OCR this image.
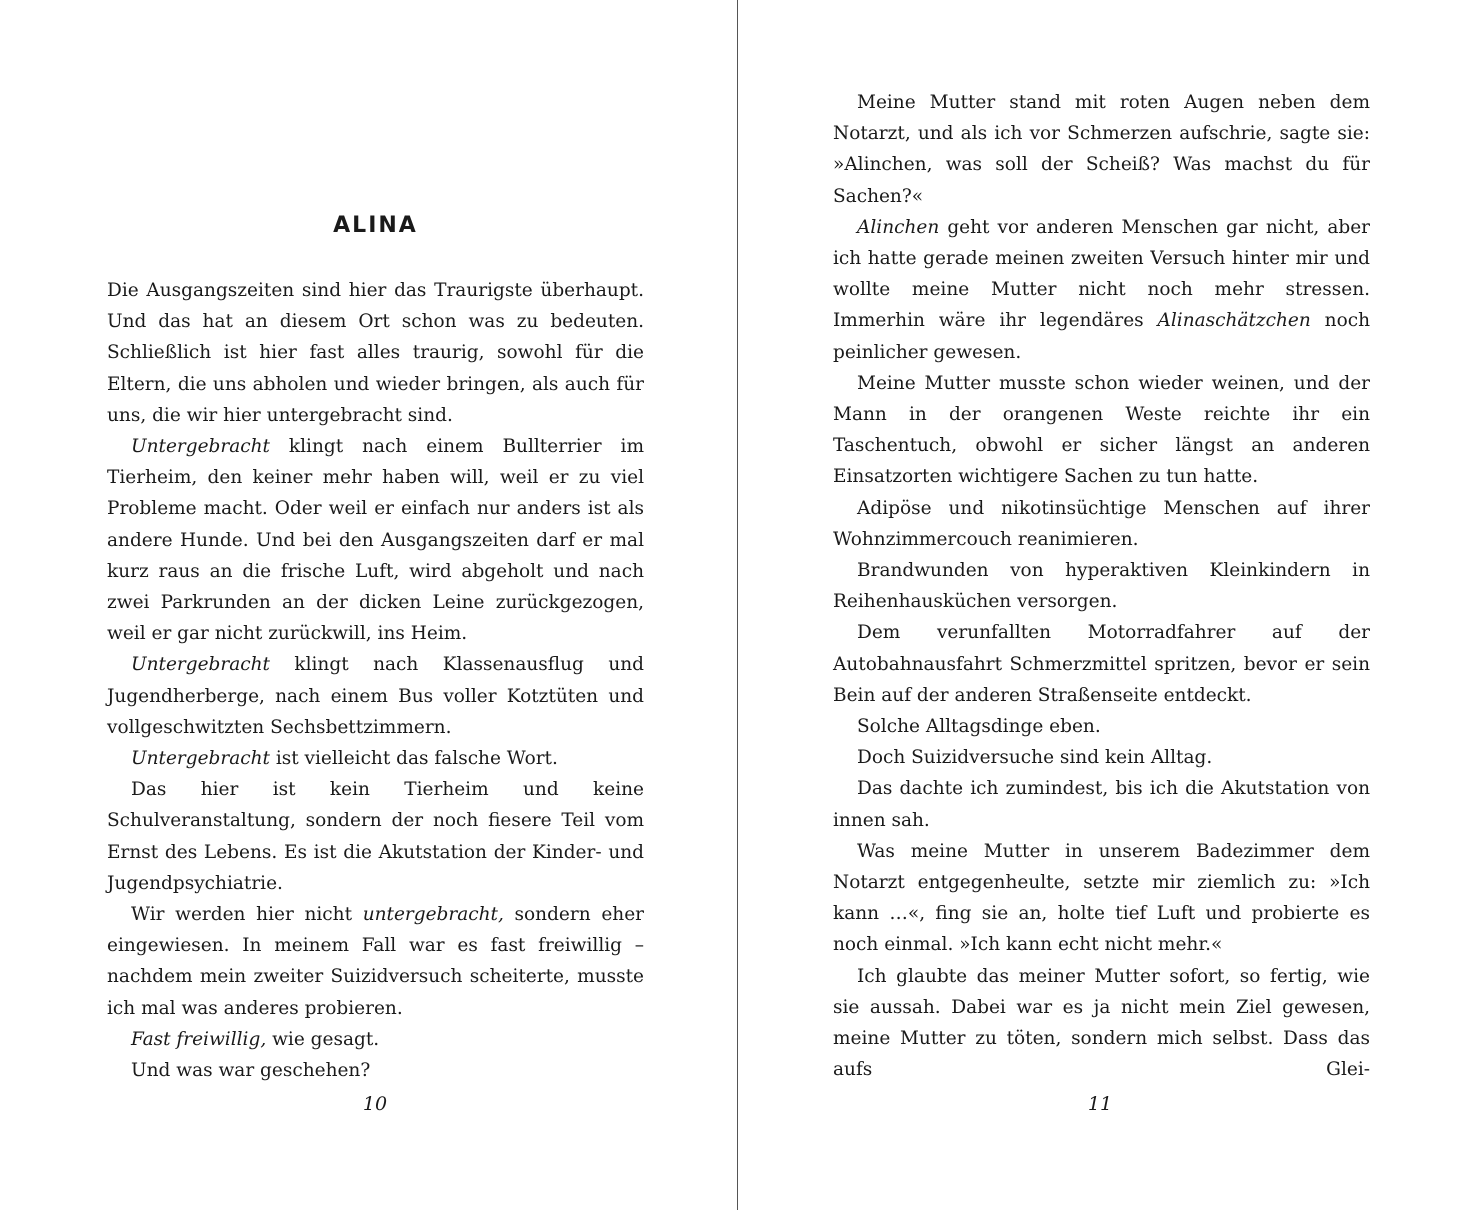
ALINA

Die Ausgangszeiten sind hier das Traurigste überhaupt. Und das hat an diesem Ort schon was zu bedeuten. Schließlich ist hier fast alles traurig, sowohl für die Eltern, die uns abholen und wieder bringen, als auch für uns, die wir hier untergebracht sind.

Untergebracht klingt nach einem Bullterrier im Tierheim, den keiner mehr haben will, weil er zu viel Probleme macht. Oder weil er einfach nur anders ist als andere Hunde. Und bei den Ausgangszeiten darf er mal kurz raus an die frische Luft, wird abgeholt und nach zwei Parkrunden an der dicken Leine zurückgezogen, weil er gar nicht zurückwill, ins Heim.

Untergebracht klingt nach Klassenausflug und Jugendherberge, nach einem Bus voller Kotztüten und vollgeschwitzten Sechsbettzimmern.

Untergebracht ist vielleicht das falsche Wort.

Das hier ist kein Tierheim und keine Schulveranstaltung, sondern der noch fiesere Teil vom Ernst des Lebens. Es ist die Akutstation der Kinder- und Jugendpsychiatrie.

Wir werden hier nicht untergebracht, sondern eher eingewiesen. In meinem Fall war es fast freiwillig – nachdem mein zweiter Suizidversuch scheiterte, musste ich mal was anderes probieren.

Fast freiwillig, wie gesagt.

Und was war geschehen?

10

Meine Mutter stand mit roten Augen neben dem Notarzt, und als ich vor Schmerzen aufschrie, sagte sie: »Alinchen, was soll der Scheiß? Was machst du für Sachen?«

Alinchen geht vor anderen Menschen gar nicht, aber ich hatte gerade meinen zweiten Versuch hinter mir und wollte meine Mutter nicht noch mehr stressen. Immerhin wäre ihr legendäres Alinaschätzchen noch peinlicher gewesen.

Meine Mutter musste schon wieder weinen, und der Mann in der orangenen Weste reichte ihr ein Taschentuch, obwohl er sicher längst an anderen Einsatzorten wichtigere Sachen zu tun hatte.

Adipöse und nikotinsüchtige Menschen auf ihrer Wohnzimmercouch reanimieren.

Brandwunden von hyperaktiven Kleinkindern in Reihenhausküchen versorgen.

Dem verunfallten Motorradfahrer auf der Autobahnausfahrt Schmerzmittel spritzen, bevor er sein Bein auf der anderen Straßenseite entdeckt.

Solche Alltagsdinge eben.

Doch Suizidversuche sind kein Alltag.

Das dachte ich zumindest, bis ich die Akutstation von innen sah.

Was meine Mutter in unserem Badezimmer dem Notarzt entgegenheulte, setzte mir ziemlich zu: »Ich kann …«, fing sie an, holte tief Luft und probierte es noch einmal. »Ich kann echt nicht mehr.«

Ich glaubte das meiner Mutter sofort, so fertig, wie sie aussah. Dabei war es ja nicht mein Ziel gewesen, meine Mutter zu töten, sondern mich selbst. Dass das aufs Glei-

11
